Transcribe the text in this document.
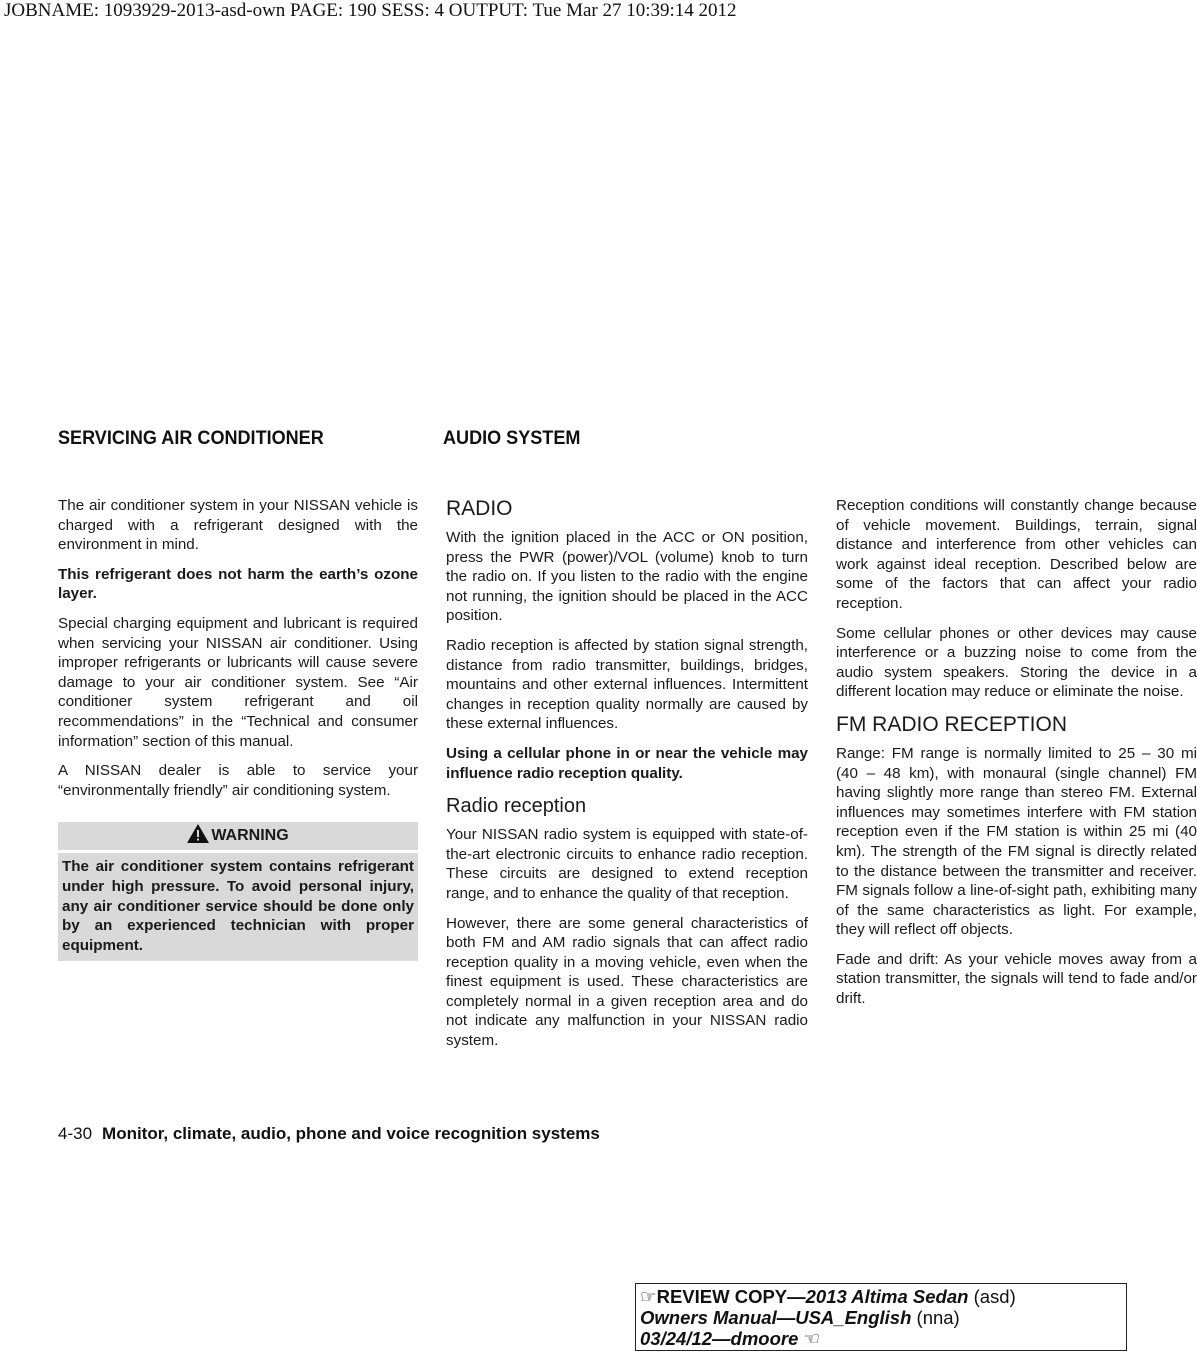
JOBNAME: 1093929-2013-asd-own PAGE: 190 SESS: 4 OUTPUT: Tue Mar 27 10:39:14 2012
SERVICING AIR CONDITIONER	AUDIO SYSTEM

The air conditioner system in your NISSAN vehicle is charged with a refrigerant designed with the environment in mind.

This refrigerant does not harm the earth’s ozone layer.

Special charging equipment and lubricant is required when servicing your NISSAN air conditioner. Using improper refrigerants or lubricants will cause severe damage to your air conditioner system. See “Air conditioner system refrigerant and oil recommendations” in the “Technical and consumer information” section of this manual.

A NISSAN dealer is able to service your “environmentally friendly” air conditioning system.

WARNING
The air conditioner system contains refrigerant under high pressure. To avoid personal injury, any air conditioner service should be done only by an experienced technician with proper equipment.
RADIO

With the ignition placed in the ACC or ON position, press the PWR (power)/VOL (volume) knob to turn the radio on. If you listen to the radio with the engine not running, the ignition should be placed in the ACC position.

Radio reception is affected by station signal strength, distance from radio transmitter, buildings, bridges, mountains and other external influences. Intermittent changes in reception quality normally are caused by these external influences.

Using a cellular phone in or near the vehicle may influence radio reception quality.

Radio reception

Your NISSAN radio system is equipped with state-of-the-art electronic circuits to enhance radio reception. These circuits are designed to extend reception range, and to enhance the quality of that reception.

However, there are some general characteristics of both FM and AM radio signals that can affect radio reception quality in a moving vehicle, even when the finest equipment is used. These characteristics are completely normal in a given reception area and do not indicate any malfunction in your NISSAN radio system.

Reception conditions will constantly change because of vehicle movement. Buildings, terrain, signal distance and interference from other vehicles can work against ideal reception. Described below are some of the factors that can affect your radio reception.

Some cellular phones or other devices may cause interference or a buzzing noise to come from the audio system speakers. Storing the device in a different location may reduce or eliminate the noise.

FM RADIO RECEPTION

Range: FM range is normally limited to 25 – 30 mi (40 – 48 km), with monaural (single channel) FM having slightly more range than stereo FM. External influences may sometimes interfere with FM station reception even if the FM station is within 25 mi (40 km). The strength of the FM signal is directly related to the distance between the transmitter and receiver. FM signals follow a line-of-sight path, exhibiting many of the same characteristics as light. For example, they will reflect off objects.

Fade and drift: As your vehicle moves away from a station transmitter, the signals will tend to fade and/or drift.

4-30 Monitor, climate, audio, phone and voice recognition systems
☞REVIEW COPY—2013 Altima Sedan (asd)
Owners Manual—USA_English (nna)
03/24/12—dmoore ☜
